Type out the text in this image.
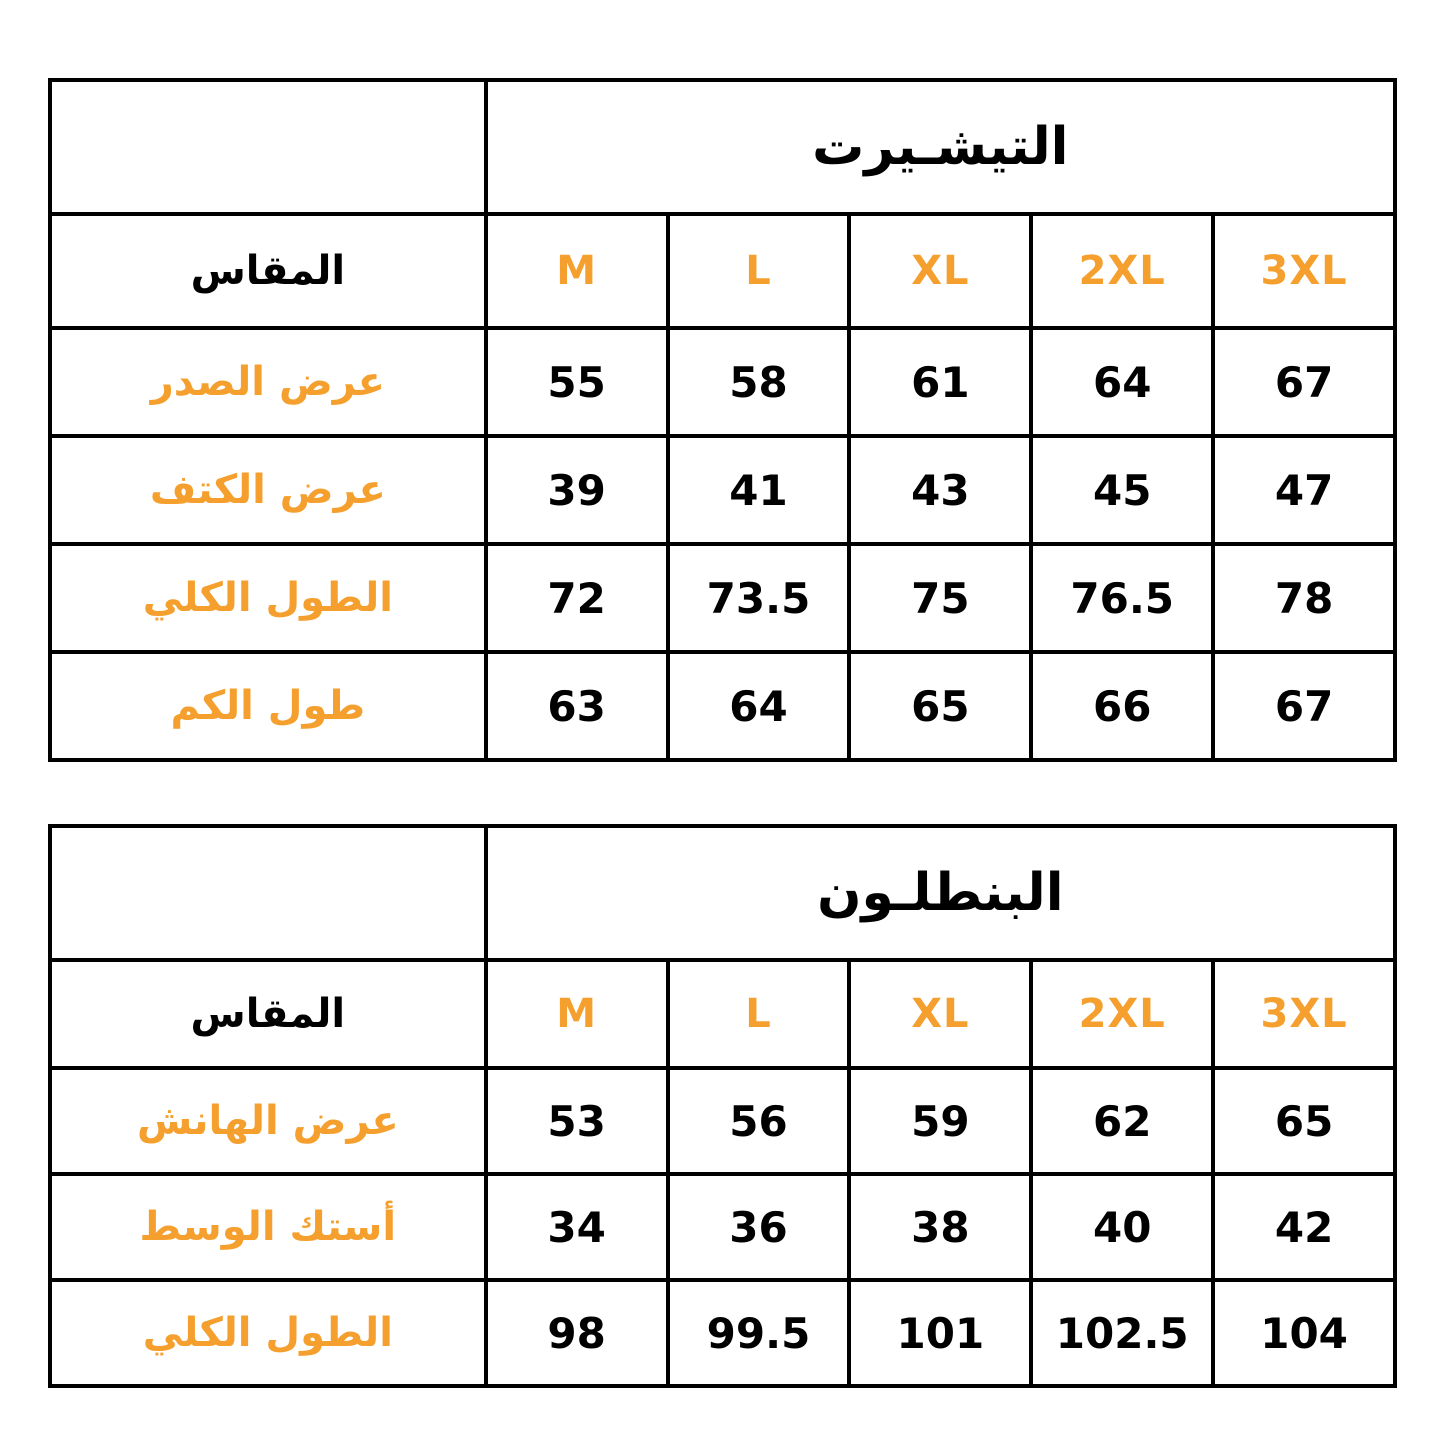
التيشـيرت					
3XL	2XL	XL	L	M	المقاس
67	64	61	58	55	عرض الصدر
47	45	43	41	39	عرض الكتف
78	76.5	75	73.5	72	الطول الكلي
67	66	65	64	63	طول الكم
البنطلـون					
3XL	2XL	XL	L	M	المقاس
65	62	59	56	53	عرض الهانش
42	40	38	36	34	أستك الوسط
104	102.5	101	99.5	98	الطول الكلي
